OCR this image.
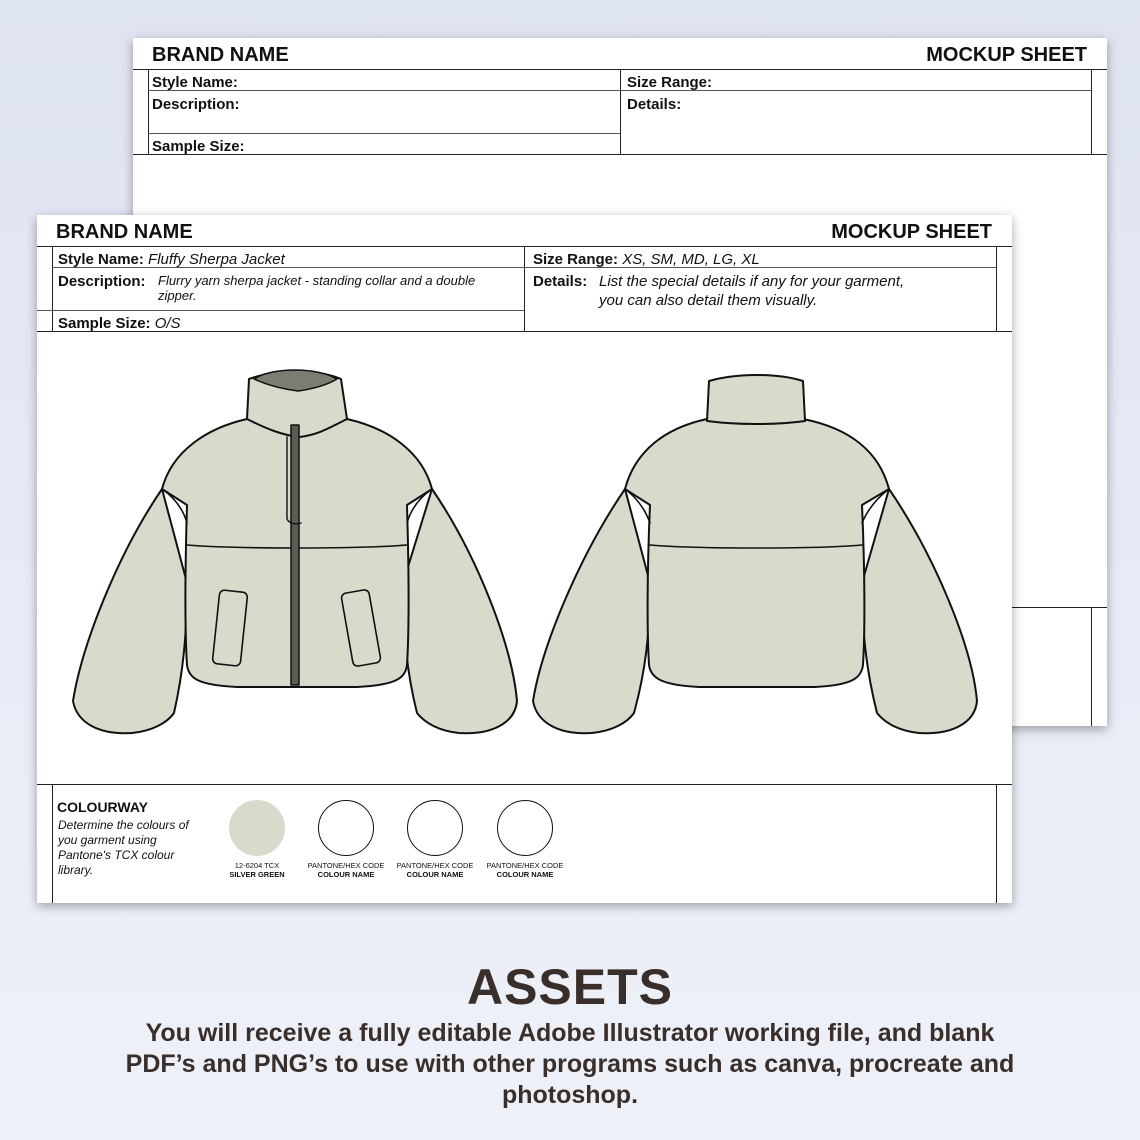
BRAND NAME	MOCKUP SHEET
Style Name:	Size Range:
Description:	Details:
Sample Size:
BRAND NAME	MOCKUP SHEET
Style Name: Fluffy Sherpa Jacket	Size Range: XS, SM, MD, LG, XL
Description: Flurry yarn sherpa jacket - standing collar and a double zipper.
Details: List the special details if any for your garment,
you can also detail them visually.
Sample Size: O/S
COLOURWAY
Determine the colours of you garment using Pantone's TCX colour library.	12-6204 TCX
SILVER GREEN
PANTONE/HEX CODE
COLOUR NAME
PANTONE/HEX CODE
COLOUR NAME
PANTONE/HEX CODE
COLOUR NAME
ASSETS
You will receive a fully editable Adobe Illustrator working file, and blank PDF’s and PNG’s to use with other programs such as canva, procreate and photoshop.
